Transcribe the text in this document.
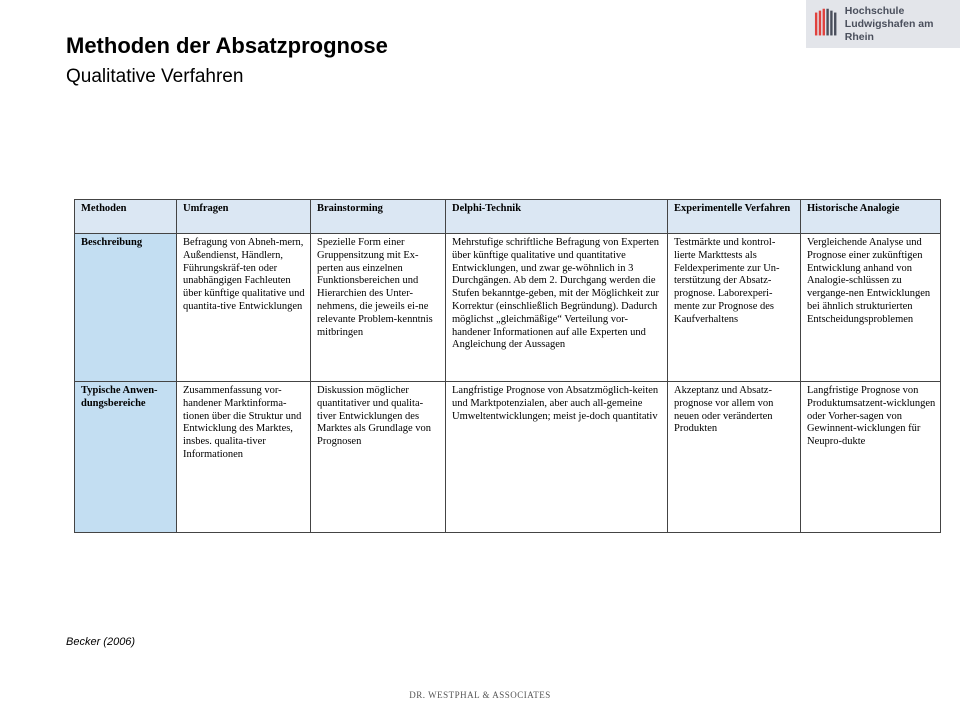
Methoden der Absatzprognose
Qualitative Verfahren
Hochschule
Ludwigshafen am Rhein
Methoden	Umfragen	Brainstorming	Delphi-Technik	Experimentelle Verfahren	Historische Analogie
Beschreibung	Befragung von Abneh-mern, Außendienst, Händlern, Führungskräf-ten oder unabhängigen Fachleuten über künftige qualitative und quantita-tive Entwicklungen	Spezielle Form einer Gruppensitzung mit Ex-perten aus einzelnen Funktionsbereichen und Hierarchien des Unter-nehmens, die jeweils ei-ne relevante Problem-kenntnis mitbringen	Mehrstufige schriftliche Befragung von Experten über künftige qualitative und quantitative Entwicklungen, und zwar ge-wöhnlich in 3 Durchgängen. Ab dem 2. Durchgang werden die Stufen bekanntge-geben, mit der Möglichkeit zur Korrektur (einschließlich Begründung). Dadurch möglichst „gleichmäßige“ Verteilung vor-handener Informationen auf alle Experten und Angleichung der Aussagen	Testmärkte und kontrol-lierte Markttests als Feldexperimente zur Un-terstützung der Absatz-prognose. Laborexperi-mente zur Prognose des Kaufverhaltens	Vergleichende Analyse und Prognose einer zukünftigen Entwicklung anhand von Analogie-schlüssen zu vergange-nen Entwicklungen bei ähnlich strukturierten Entscheidungsproblemen
Typische Anwen-dungsbereiche	Zusammenfassung vor-handener Marktinforma-tionen über die Struktur und Entwicklung des Marktes, insbes. qualita-tiver Informationen	Diskussion möglicher quantitativer und qualita-tiver Entwicklungen des Marktes als Grundlage von Prognosen	Langfristige Prognose von Absatzmöglich-keiten und Marktpotenzialen, aber auch all-gemeine Umweltentwicklungen; meist je-doch quantitativ	Akzeptanz und Absatz-prognose vor allem von neuen oder veränderten Produkten	Langfristige Prognose von Produktumsatzent-wicklungen oder Vorher-sagen von Gewinnent-wicklungen für Neupro-dukte
Becker (2006)
DR. WESTPHAL & ASSOCIATES
